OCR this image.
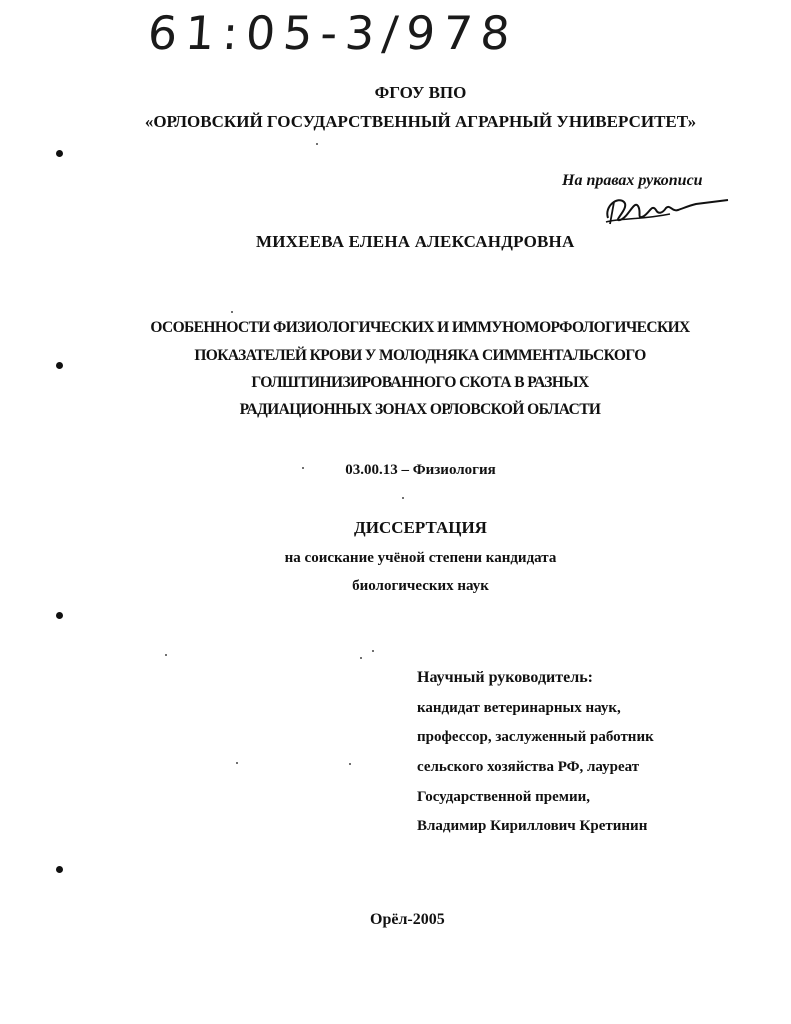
61:05-3/978
ФГОУ ВПО
«ОРЛОВСКИЙ ГОСУДАРСТВЕННЫЙ АГРАРНЫЙ УНИВЕРСИТЕТ»
На правах рукописи
МИХЕЕВА ЕЛЕНА АЛЕКСАНДРОВНА
ОСОБЕННОСТИ ФИЗИОЛОГИЧЕСКИХ И ИММУНОМОРФОЛОГИЧЕСКИХ
ПОКАЗАТЕЛЕЙ КРОВИ У МОЛОДНЯКА СИММЕНТАЛЬСКОГО
ГОЛШТИНИЗИРОВАННОГО СКОТА В РАЗНЫХ
РАДИАЦИОННЫХ ЗОНАХ ОРЛОВСКОЙ ОБЛАСТИ
03.00.13 – Физиология
ДИССЕРТАЦИЯ
на соискание учёной степени кандидата
биологических наук
Научный руководитель:
кандидат ветеринарных наук,
профессор, заслуженный работник
сельского хозяйства РФ, лауреат
Государственной премии,
Владимир Кириллович Кретинин
Орёл-2005
